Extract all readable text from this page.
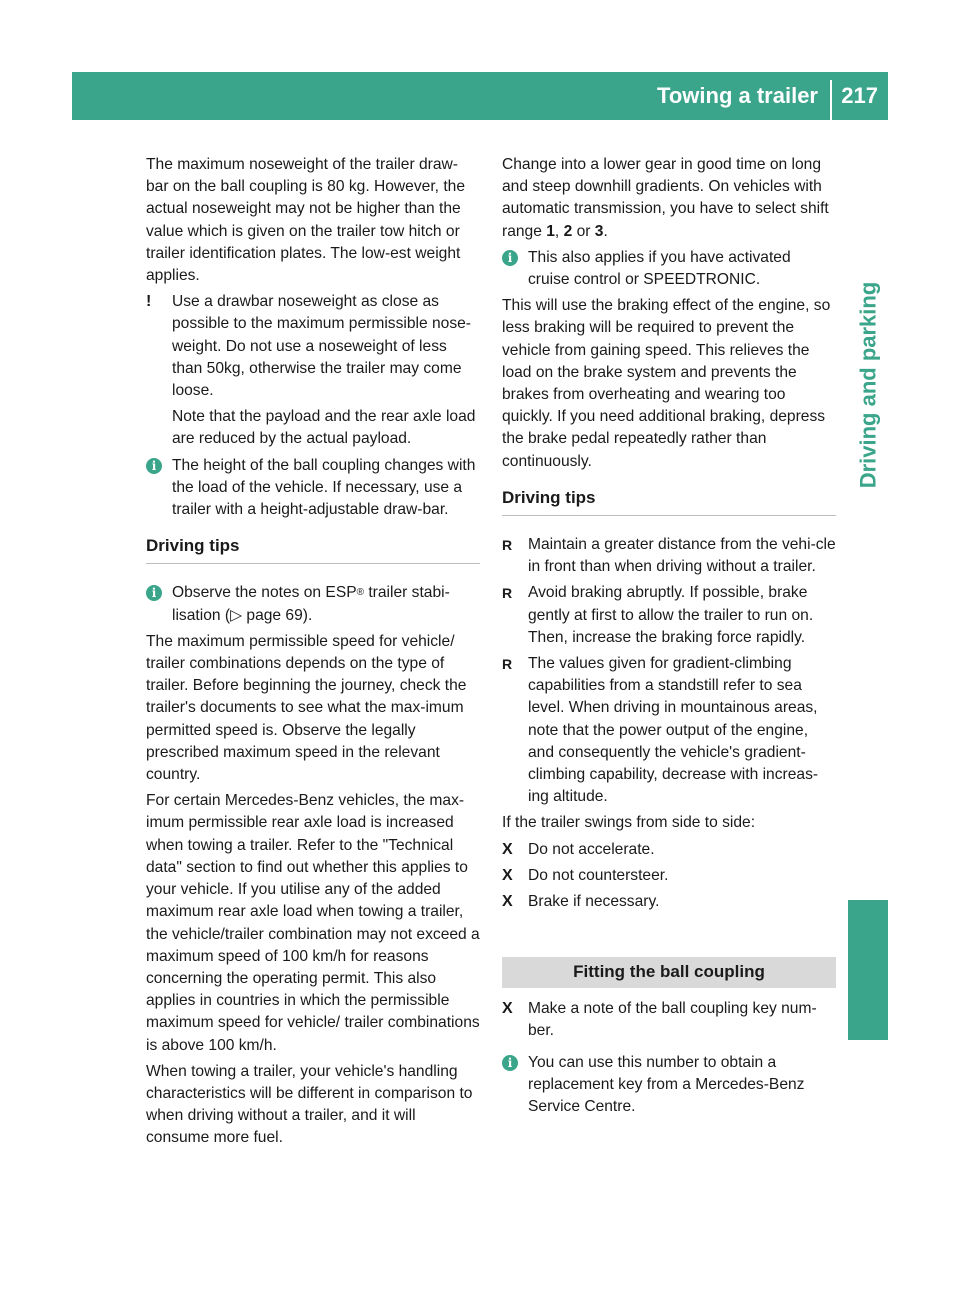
Towing a trailer 217
Driving and parking

The maximum noseweight of the trailer draw-bar on the ball coupling is 80 kg. However, the actual noseweight may not be higher than the value which is given on the trailer tow hitch or trailer identification plates. The low-est weight applies.

!	Use a drawbar noseweight as close as possible to the maximum permissible nose-weight. Do not use a noseweight of less than 50kg, otherwise the trailer may come loose.

Note that the payload and the rear axle load are reduced by the actual payload.

i	The height of the ball coupling changes with the load of the vehicle. If necessary, use a trailer with a height-adjustable draw-bar.

Driving tips
i	Observe the notes on ESP® trailer stabi-lisation (▷ page 69).

The maximum permissible speed for vehicle/ trailer combinations depends on the type of trailer. Before beginning the journey, check the trailer's documents to see what the max-imum permitted speed is. Observe the legally prescribed maximum speed in the relevant country.

For certain Mercedes-Benz vehicles, the max-imum permissible rear axle load is increased when towing a trailer. Refer to the "Technical data" section to find out whether this applies to your vehicle. If you utilise any of the added maximum rear axle load when towing a trailer, the vehicle/trailer combination may not exceed a maximum speed of 100 km/h for reasons concerning the operating permit. This also applies in countries in which the permissible maximum speed for vehicle/ trailer combinations is above 100 km/h.

When towing a trailer, your vehicle's handling characteristics will be different in comparison to when driving without a trailer, and it will consume more fuel.

Change into a lower gear in good time on long and steep downhill gradients. On vehicles with automatic transmission, you have to select shift range 1, 2 or 3.

i	This also applies if you have activated cruise control or SPEEDTRONIC.

This will use the braking effect of the engine, so less braking will be required to prevent the vehicle from gaining speed. This relieves the load on the brake system and prevents the brakes from overheating and wearing too quickly. If you need additional braking, depress the brake pedal repeatedly rather than continuously.

Driving tips
R	Maintain a greater distance from the vehi-cle in front than when driving without a trailer.

R	Avoid braking abruptly. If possible, brake gently at first to allow the trailer to run on. Then, increase the braking force rapidly.

R	The values given for gradient-climbing capabilities from a standstill refer to sea level. When driving in mountainous areas, note that the power output of the engine, and consequently the vehicle's gradient-climbing capability, decrease with increas-ing altitude.

If the trailer swings from side to side:

X Do not accelerate.

X Do not countersteer.

X Brake if necessary.

Fitting the ball coupling
X Make a note of the ball coupling key num-ber.

i	You can use this number to obtain a replacement key from a Mercedes-Benz Service Centre.
